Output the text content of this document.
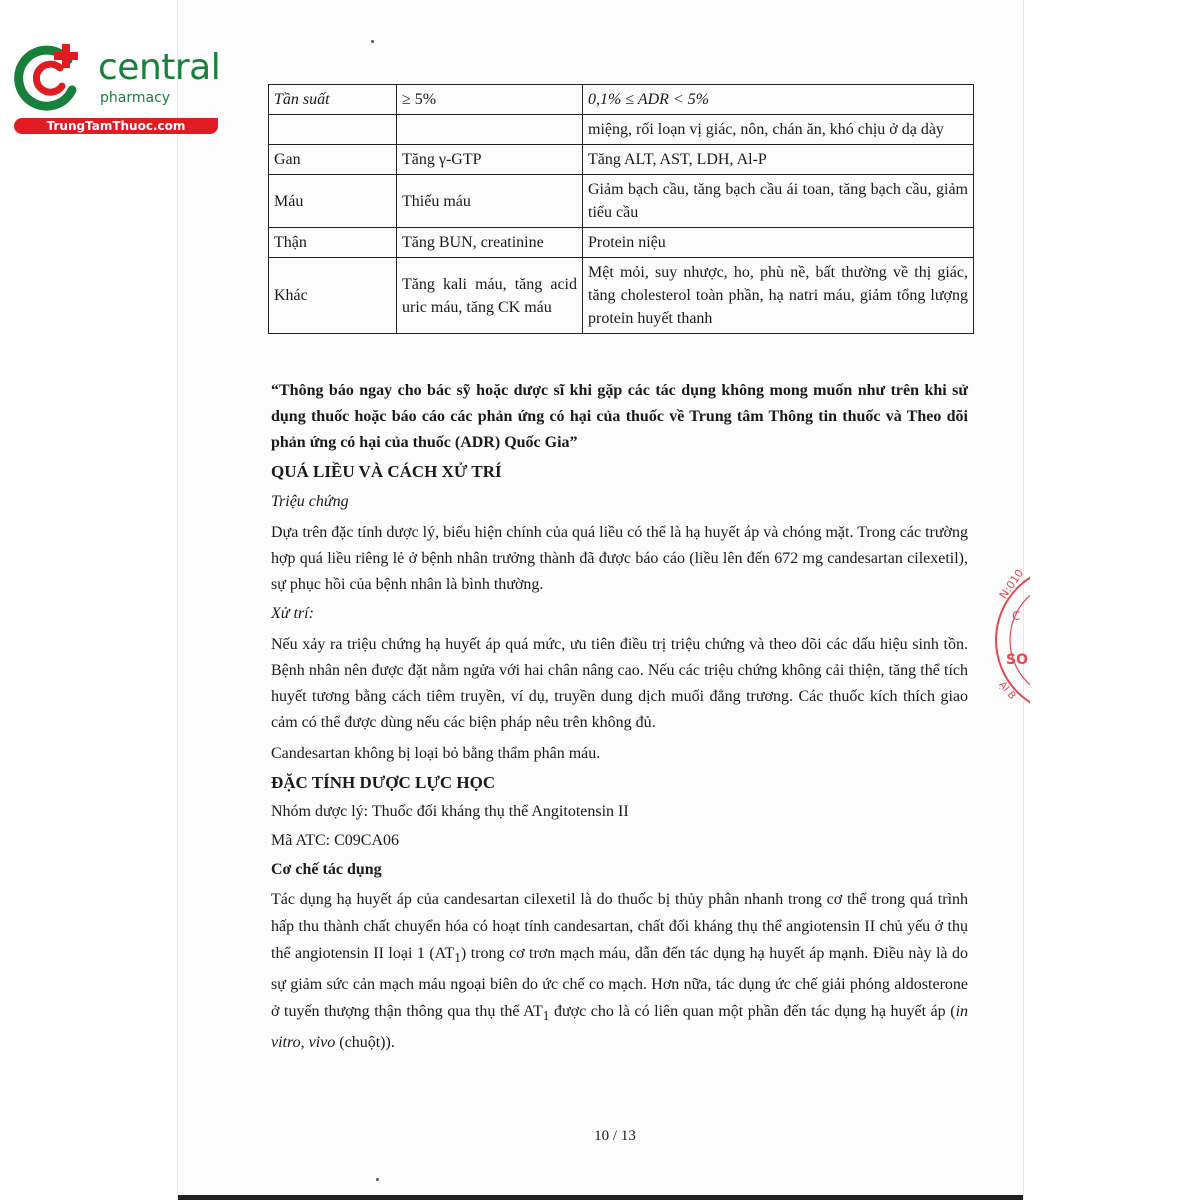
central
pharmacy
TrungTamThuoc.com
N:010
C
SO
ẠI B
Tần suất	≥ 5%	0,1% ≤ ADR < 5%
		miệng, rối loạn vị giác, nôn, chán ăn, khó chịu ở dạ dày
Gan	Tăng γ-GTP	Tăng ALT, AST, LDH, Al-P
Máu	Thiếu máu	Giảm bạch cầu, tăng bạch cầu ái toan, tăng bạch cầu, giảm tiểu cầu
Thận	Tăng BUN, creatinine	Protein niệu
Khác	Tăng kali máu, tăng acid uric máu, tăng CK máu	Mệt mỏi, suy nhược, ho, phù nề, bất thường về thị giác, tăng cholesterol toàn phần, hạ natri máu, giảm tổng lượng protein huyết thanh

“Thông báo ngay cho bác sỹ hoặc dược sĩ khi gặp các tác dụng không mong muốn như trên khi sử dụng thuốc hoặc báo cáo các phản ứng có hại của thuốc về Trung tâm Thông tin thuốc và Theo dõi phản ứng có hại của thuốc (ADR) Quốc Gia”

QUÁ LIỀU VÀ CÁCH XỬ TRÍ

Triệu chứng

Dựa trên đặc tính dược lý, biểu hiện chính của quá liều có thể là hạ huyết áp và chóng mặt. Trong các trường hợp quá liều riêng lẻ ở bệnh nhân trưởng thành đã được báo cáo (liều lên đến 672 mg candesartan cilexetil), sự phục hồi của bệnh nhân là bình thường.

Xử trí:

Nếu xảy ra triệu chứng hạ huyết áp quá mức, ưu tiên điều trị triệu chứng và theo dõi các dấu hiệu sinh tồn. Bệnh nhân nên được đặt nằm ngửa với hai chân nâng cao. Nếu các triệu chứng không cải thiện, tăng thể tích huyết tương bằng cách tiêm truyền, ví dụ, truyền dung dịch muối đẳng trương. Các thuốc kích thích giao cảm có thể được dùng nếu các biện pháp nêu trên không đủ.

Candesartan không bị loại bỏ bằng thẩm phân máu.

ĐẶC TÍNH DƯỢC LỰC HỌC

Nhóm dược lý: Thuốc đối kháng thụ thể Angitotensin II

Mã ATC: C09CA06

Cơ chế tác dụng

Tác dụng hạ huyết áp của candesartan cilexetil là do thuốc bị thủy phân nhanh trong cơ thể trong quá trình hấp thu thành chất chuyển hóa có hoạt tính candesartan, chất đối kháng thụ thể angiotensin II chủ yếu ở thụ thể angiotensin II loại 1 $(AT_1)$ trong cơ trơn mạch máu, dẫn đến tác dụng hạ huyết áp mạnh. Điều này là do sự giảm sức cản mạch máu ngoại biên do ức chế co mạch. Hơn nữa, tác dụng ức chế giải phóng aldosterone ở tuyến thượng thận thông qua thụ thể $AT_1$ được cho là có liên quan một phần đến tác dụng hạ huyết áp (in vitro, vivo (chuột)).

10 / 13
